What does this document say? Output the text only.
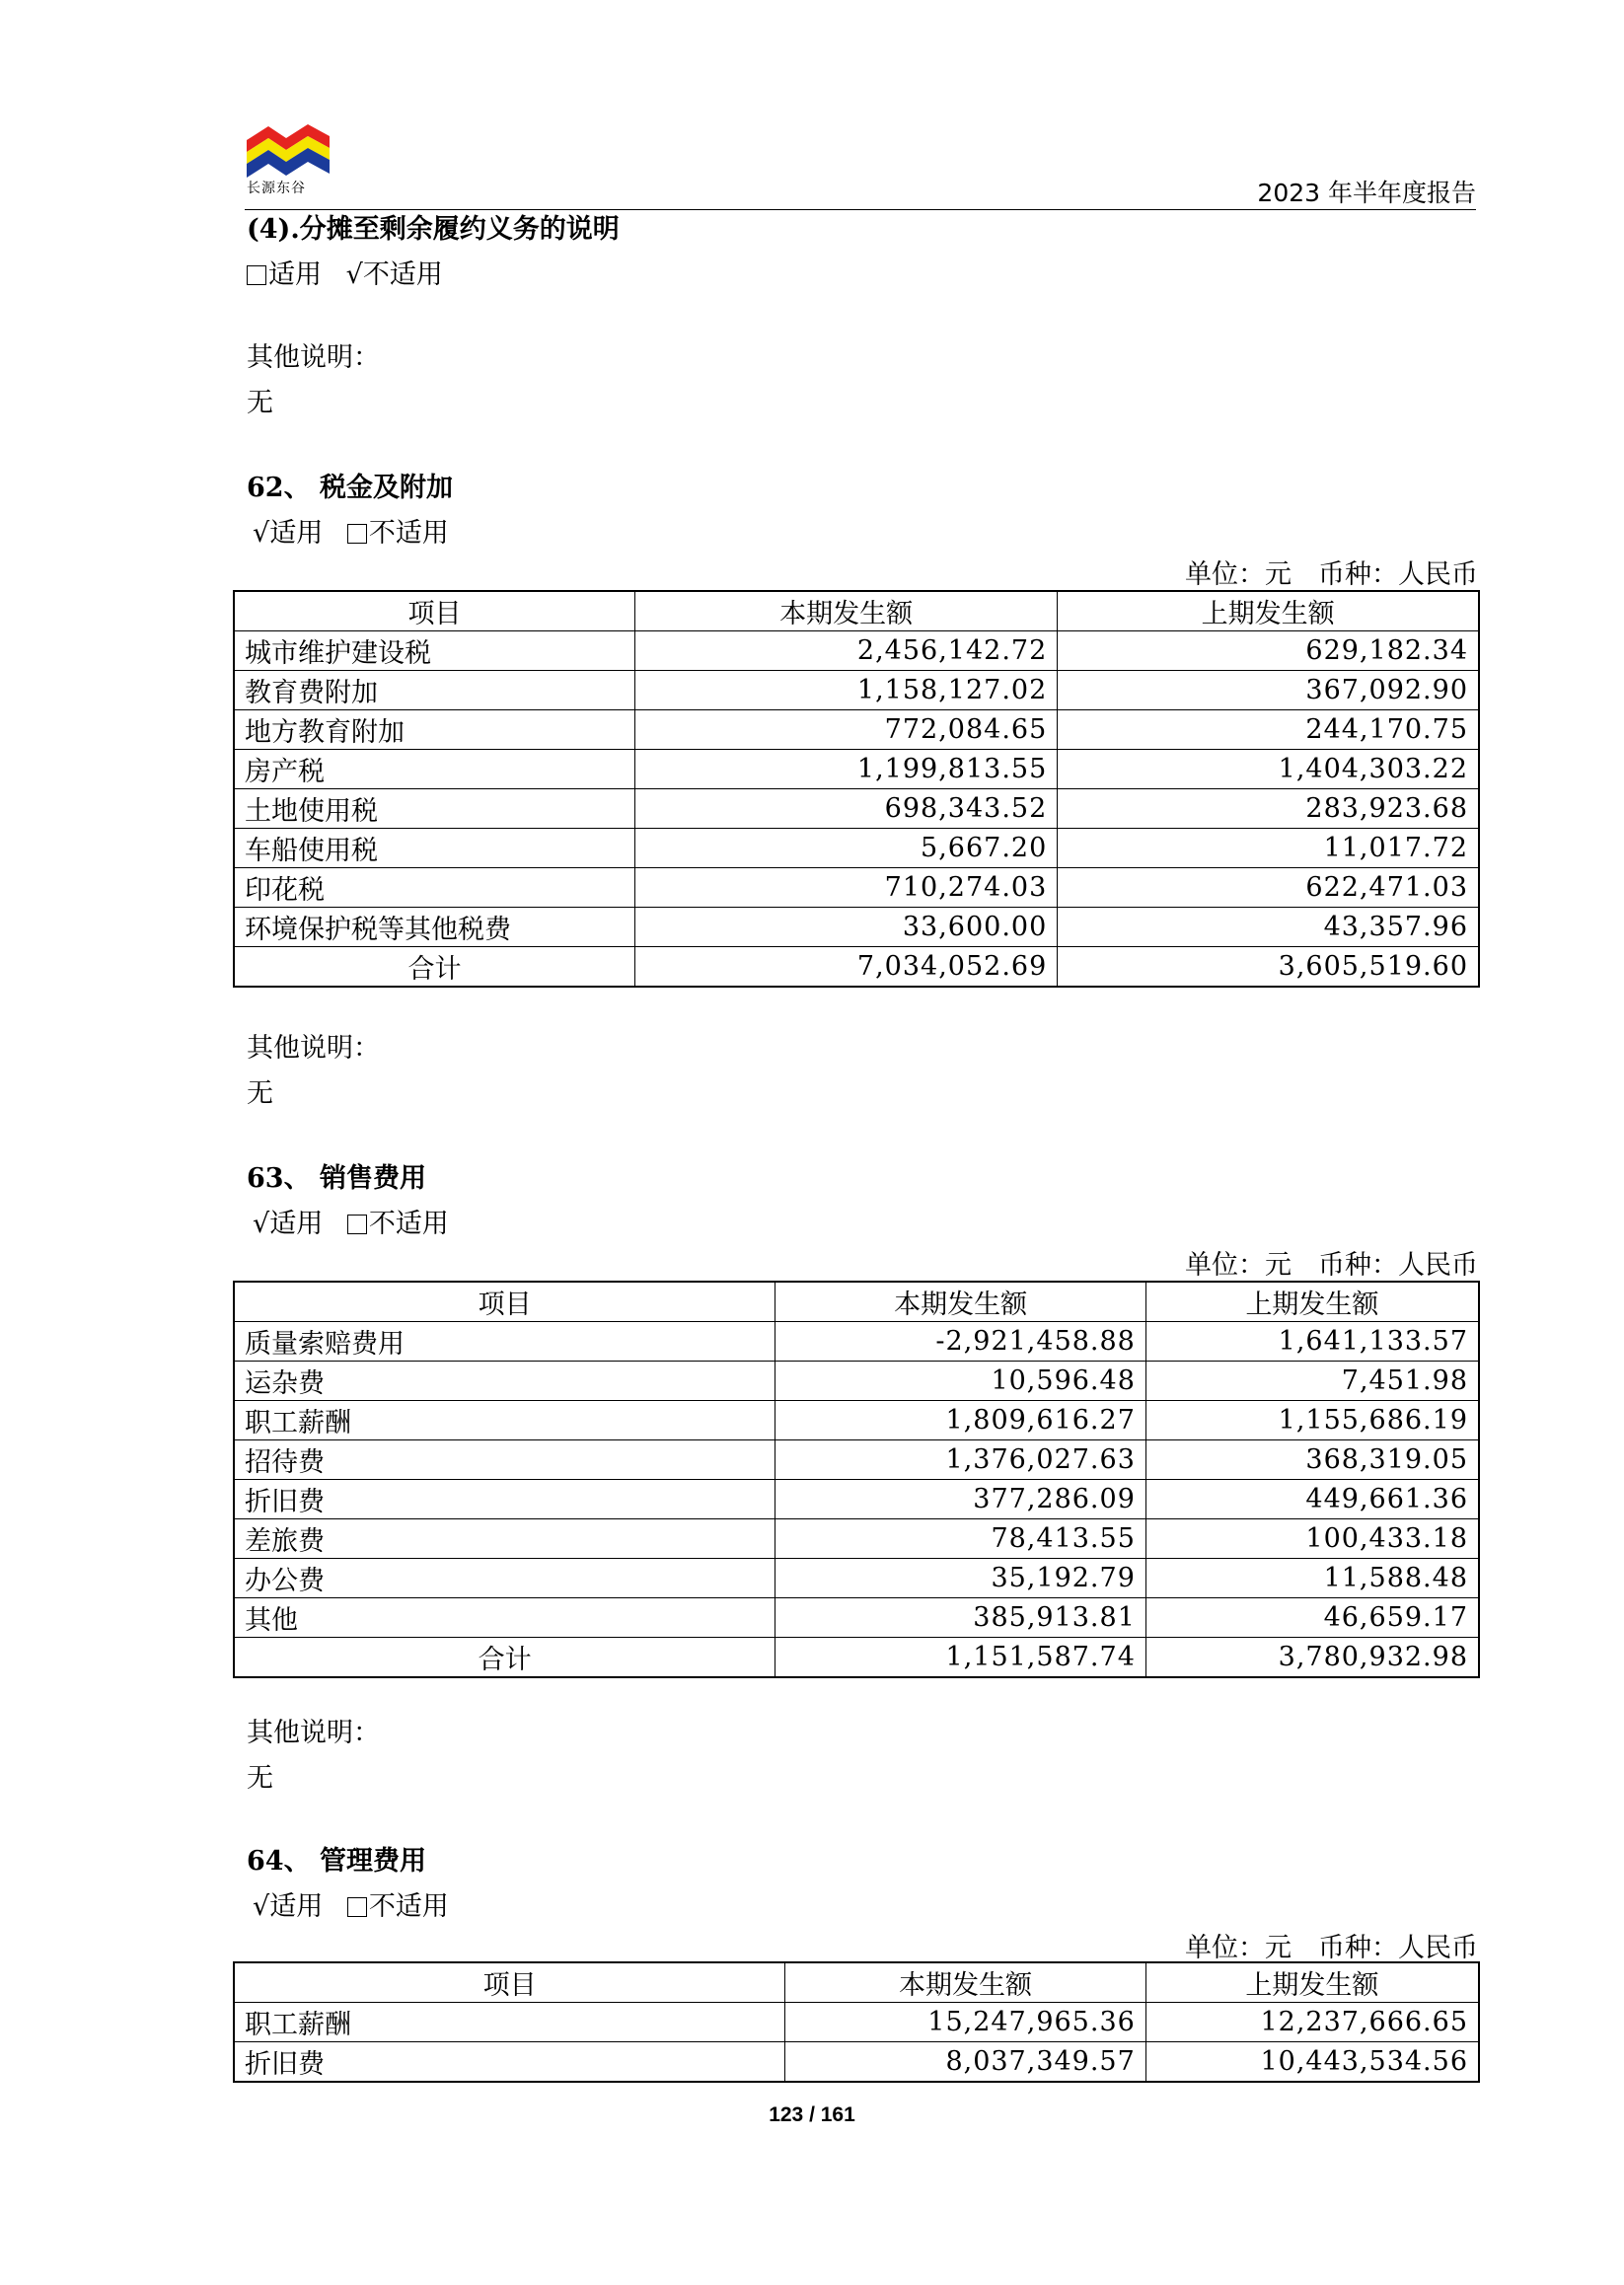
长源东谷	2023 年半年度报告
(4).分摊至剩余履约义务的说明
适用 √不适用
其他说明：
无
62、 税金及附加
√适用 不适用
单位：元　币种：人民币
项目	本期发生额	上期发生额
城市维护建设税	2,456,142.72	629,182.34
教育费附加	1,158,127.02	367,092.90
地方教育附加	772,084.65	244,170.75
房产税	1,199,813.55	1,404,303.22
土地使用税	698,343.52	283,923.68
车船使用税	5,667.20	11,017.72
印花税	710,274.03	622,471.03
环境保护税等其他税费	33,600.00	43,357.96
合计	7,034,052.69	3,605,519.60
其他说明：
无
63、 销售费用
√适用 不适用
单位：元　币种：人民币
项目	本期发生额	上期发生额
质量索赔费用	-2,921,458.88	1,641,133.57
运杂费	10,596.48	7,451.98
职工薪酬	1,809,616.27	1,155,686.19
招待费	1,376,027.63	368,319.05
折旧费	377,286.09	449,661.36
差旅费	78,413.55	100,433.18
办公费	35,192.79	11,588.48
其他	385,913.81	46,659.17
合计	1,151,587.74	3,780,932.98
其他说明：
无
64、 管理费用
√适用 不适用
单位：元　币种：人民币
项目	本期发生额	上期发生额
职工薪酬	15,247,965.36	12,237,666.65
折旧费	8,037,349.57	10,443,534.56
123 / 161
